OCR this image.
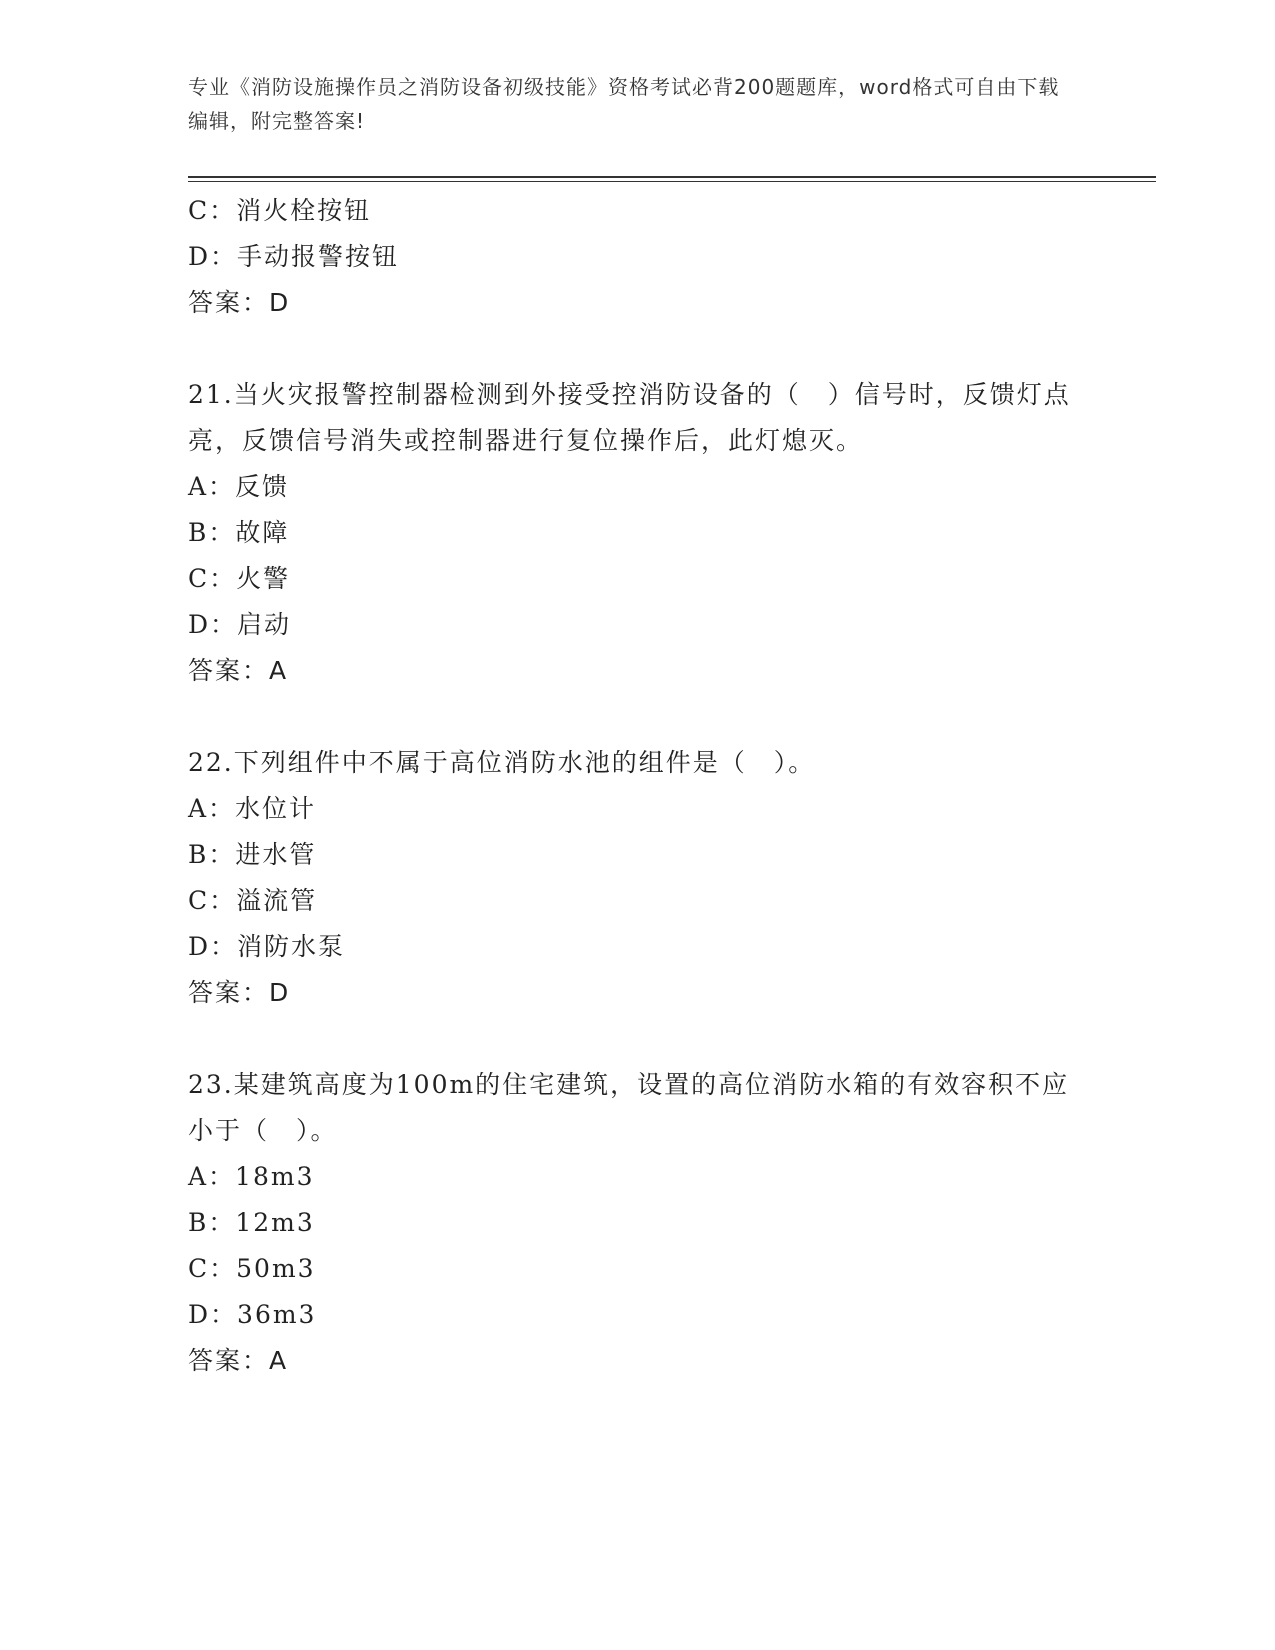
专业《消防设施操作员之消防设备初级技能》资格考试必背200题题库，word格式可自由下载编辑，附完整答案!
C：消火栓按钮
D：手动报警按钮
答案：D
21.当火灾报警控制器检测到外接受控消防设备的（　）信号时，反馈灯点亮，反馈信号消失或控制器进行复位操作后，此灯熄灭。
A：反馈
B：故障
C：火警
D：启动
答案：A
22.下列组件中不属于高位消防水池的组件是（　）。
A：水位计
B：进水管
C：溢流管
D：消防水泵
答案：D
23.某建筑高度为100m的住宅建筑，设置的高位消防水箱的有效容积不应小于（　）。
A：18m3
B：12m3
C：50m3
D：36m3
答案：A
